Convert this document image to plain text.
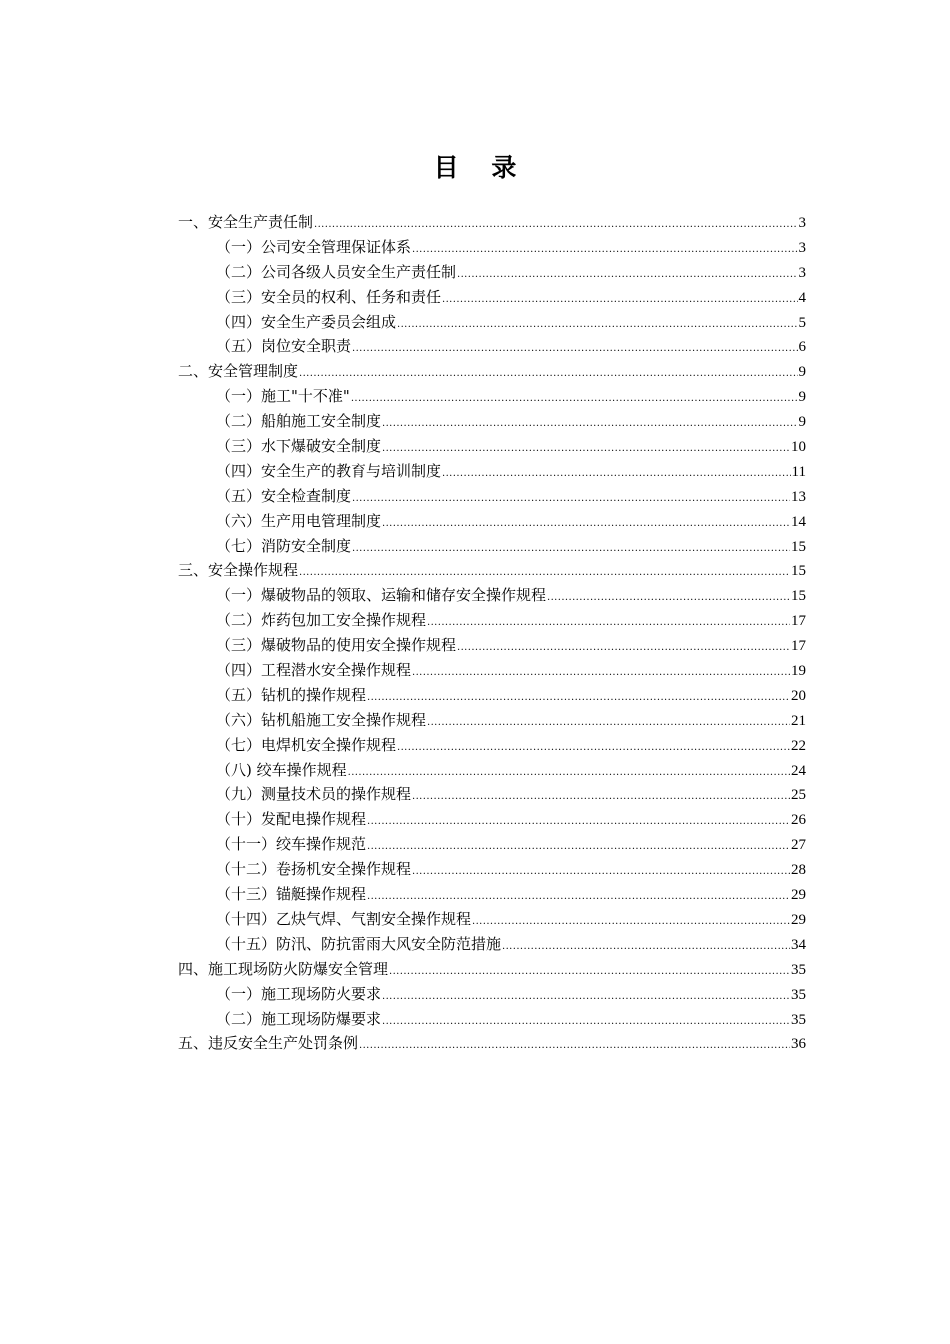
目 录
一、安全生产责任制 .....	3
（一）公司安全管理保证体系 .....	3
（二）公司各级人员安全生产责任制 .....	3
（三）安全员的权利、任务和责任 .....	4
（四）安全生产委员会组成 .....	5
（五）岗位安全职责 .....	6
二、安全管理制度 .....	9
（一）施工"十不准" .....	9
（二）船舶施工安全制度 .....	9
（三）水下爆破安全制度 .....	10
（四）安全生产的教育与培训制度 .....	11
（五）安全检查制度 .....	13
（六）生产用电管理制度 .....	14
（七）消防安全制度 .....	15
三、安全操作规程 .....	15
（一）爆破物品的领取、运输和储存安全操作规程 .....	15
（二）炸药包加工安全操作规程 .....	17
（三）爆破物品的使用安全操作规程 .....	17
（四）工程潜水安全操作规程 .....	19
（五）钻机的操作规程 .....	20
（六）钻机船施工安全操作规程 .....	21
（七）电焊机安全操作规程 .....	22
（八) 绞车操作规程 .....	24
（九）测量技术员的操作规程 .....	25
（十）发配电操作规程 .....	26
（十一）绞车操作规范 .....	27
（十二）卷扬机安全操作规程 .....	28
（十三）锚艇操作规程 .....	29
（十四）乙炔气焊、气割安全操作规程 .....	29
（十五）防汛、防抗雷雨大风安全防范措施 .....	34
四、施工现场防火防爆安全管理 .....	35
（一）施工现场防火要求 .....	35
（二）施工现场防爆要求 .....	35
五、违反安全生产处罚条例 .....	36
